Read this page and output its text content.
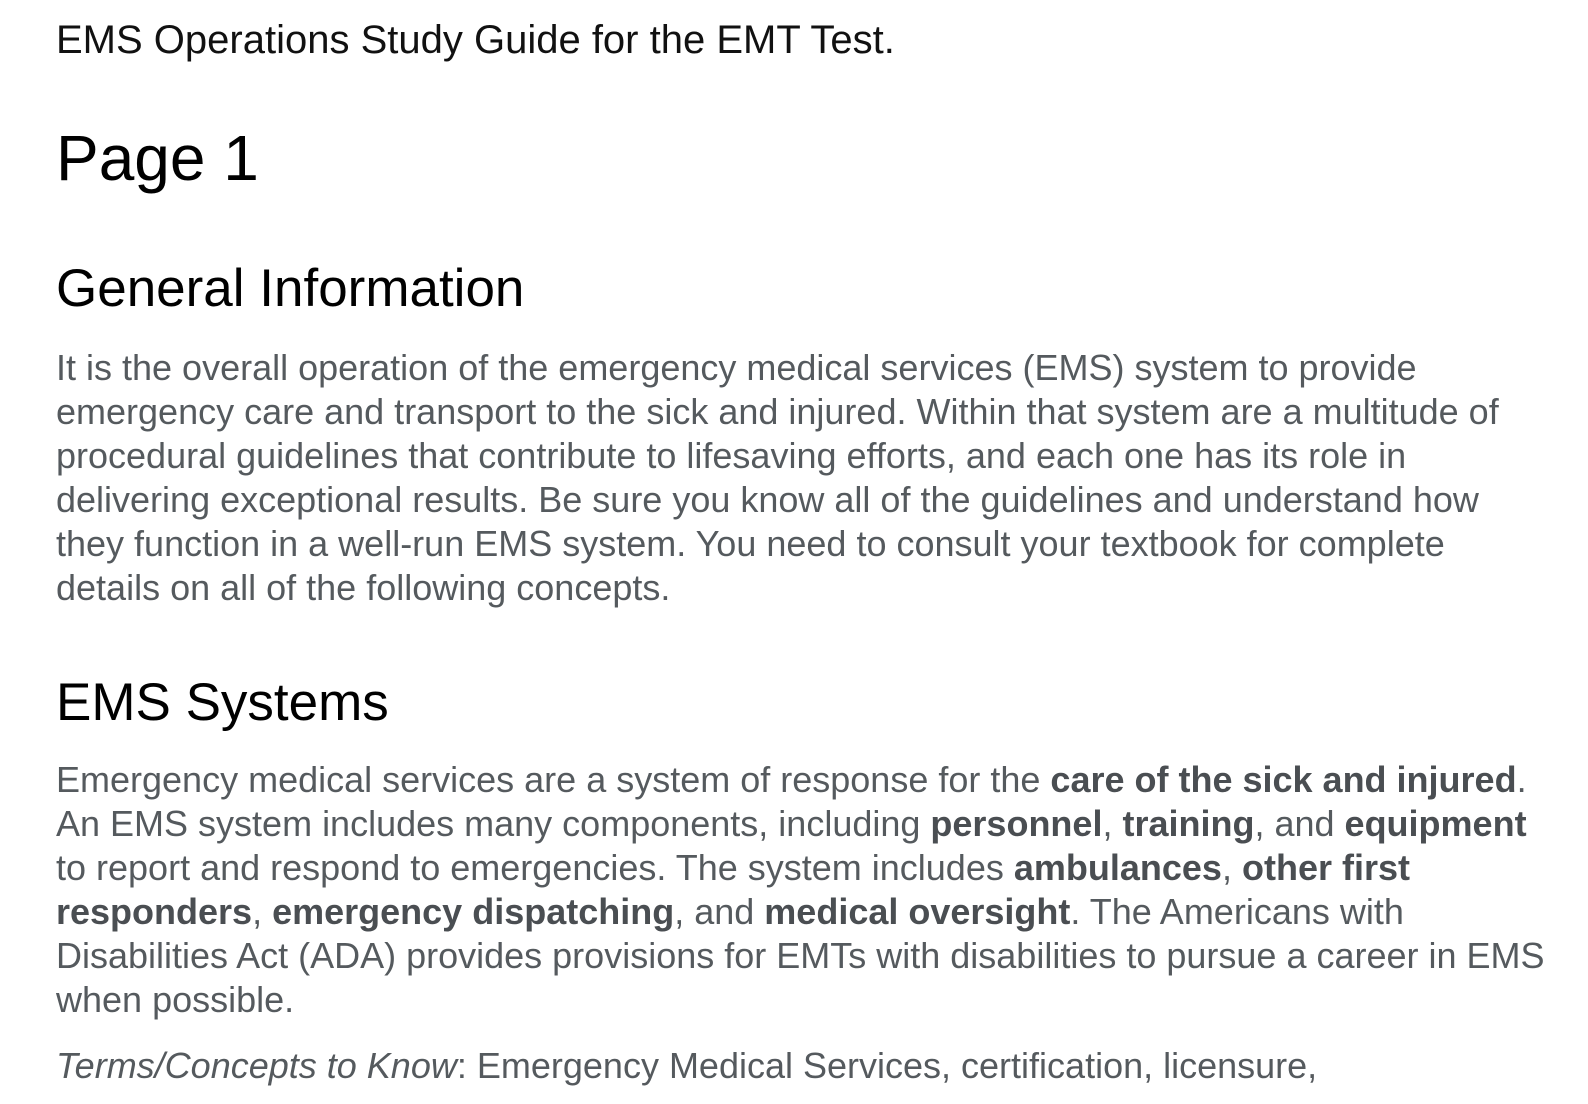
EMS Operations Study Guide for the EMT Test.
Page 1
General Information

It is the overall operation of the emergency medical services (EMS) system to provide emergency care and transport to the sick and injured. Within that system are a multitude of procedural guidelines that contribute to lifesaving efforts, and each one has its role in delivering exceptional results. Be sure you know all of the guidelines and understand how they function in a well-run EMS system. You need to consult your textbook for complete details on all of the following concepts.

EMS Systems

Emergency medical services are a system of response for the care of the sick and injured. An EMS system includes many components, including personnel, training, and equipment to report and respond to emergencies. The system includes ambulances, other first responders, emergency dispatching, and medical oversight. The Americans with Disabilities Act (ADA) provides provisions for EMTs with disabilities to pursue a career in EMS when possible.

Terms/Concepts to Know: Emergency Medical Services, certification, licensure,
